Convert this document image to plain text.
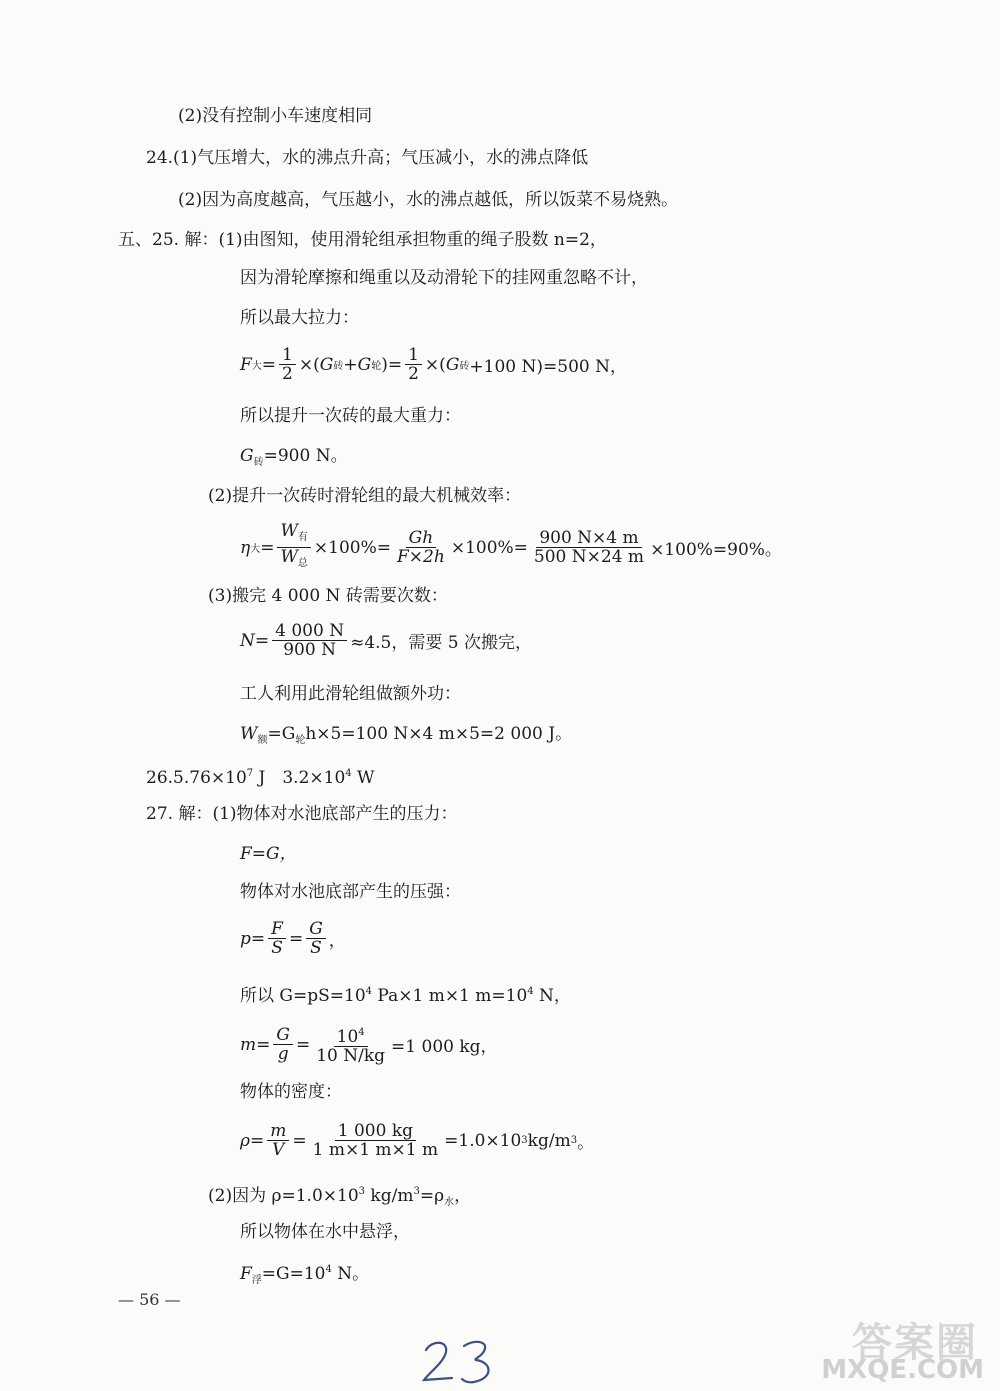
(2)没有控制小车速度相同
24.(1)气压增大，水的沸点升高；气压减小，水的沸点降低
(2)因为高度越高，气压越小，水的沸点越低，所以饭菜不易烧熟。
五、25. 解：(1)由图知，使用滑轮组承担物重的绳子股数 n=2，
因为滑轮摩擦和绳重以及动滑轮下的挂网重忽略不计，
所以最大拉力：
F 大 = $\frac{1}{2}$ ×( G 砖 + G 轮 )= $\frac{1}{2}$ ×( G 砖 +100 N)=500 N，
所以提升一次砖的最大重力：
$G_砖=900$ N。
(2)提升一次砖时滑轮组的最大机械效率：
η 大 = $\frac{W_有}{W_总} \times 100\%= \frac{Gh}{F\times 2h} \times 100\%= \frac{900 N\times 4 m}{500 N\times 24 m} \times 100\%=90\%$。
(3)搬完 4 000 N 砖需要次数：
$N = \frac{4 000 N}{900 N} \approx 4.5$，需要 5 次搬完，
工人利用此滑轮组做额外功：
$W_额=G_轮h\times 5=100$ N×4 m×5=2 000 J。
$26.5.76\times 10^7$ J　$3.2\times 10^4$ W
27. 解：(1)物体对水池底部产生的压力：
F=G，
物体对水池底部产生的压强：
$p = \frac{F}{S} = \frac{G}{S}$ ，
所以 $G=pS=10^4$ Pa×1 m×1 $m=10^4$ N，
$m = \frac{G}{g} = \frac{10^4}{10 N/kg} =1$ 000 kg，
物体的密度：
$\rho = \frac{m}{V} = \frac{1 000 kg}{1 m\times 1 m\times 1 m} =1.0\times 10$ 3 kg/m 3 。
(2)因为 $\rho=1.0\times 10^3$ $kg/m^3=\rho_水$，
所以物体在水中悬浮，
$F_浮=G=10^4$ N。
— 56 —
答案圈
MXQE.COM
